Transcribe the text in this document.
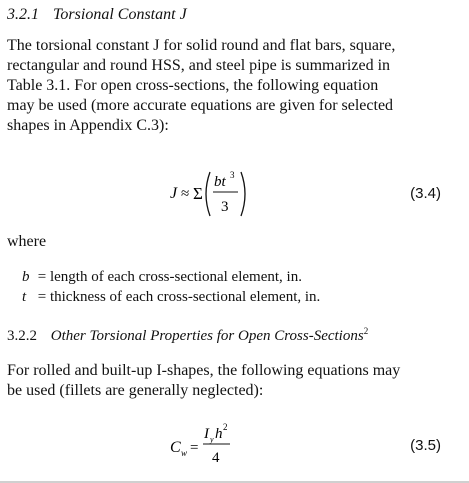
3.2.1 Torsional Constant J
The torsional constant J for solid round and flat bars, square,
rectangular and round HSS, and steel pipe is summarized in
Table 3.1. For open cross-sections, the following equation
may be used (more accurate equations are given for selected
shapes in Appendix C.3):
J ≈ Σ
bt 3
3
(3.4)
where
b = length of each cross-sectional element, in.
t = thickness of each cross-sectional element, in.
3.2.2 Other Torsional Properties for Open Cross-Sections$^2$
For rolled and built-up I-shapes, the following equations may
be used (fillets are generally neglected):
C w =
I y h 2
4
(3.5)
